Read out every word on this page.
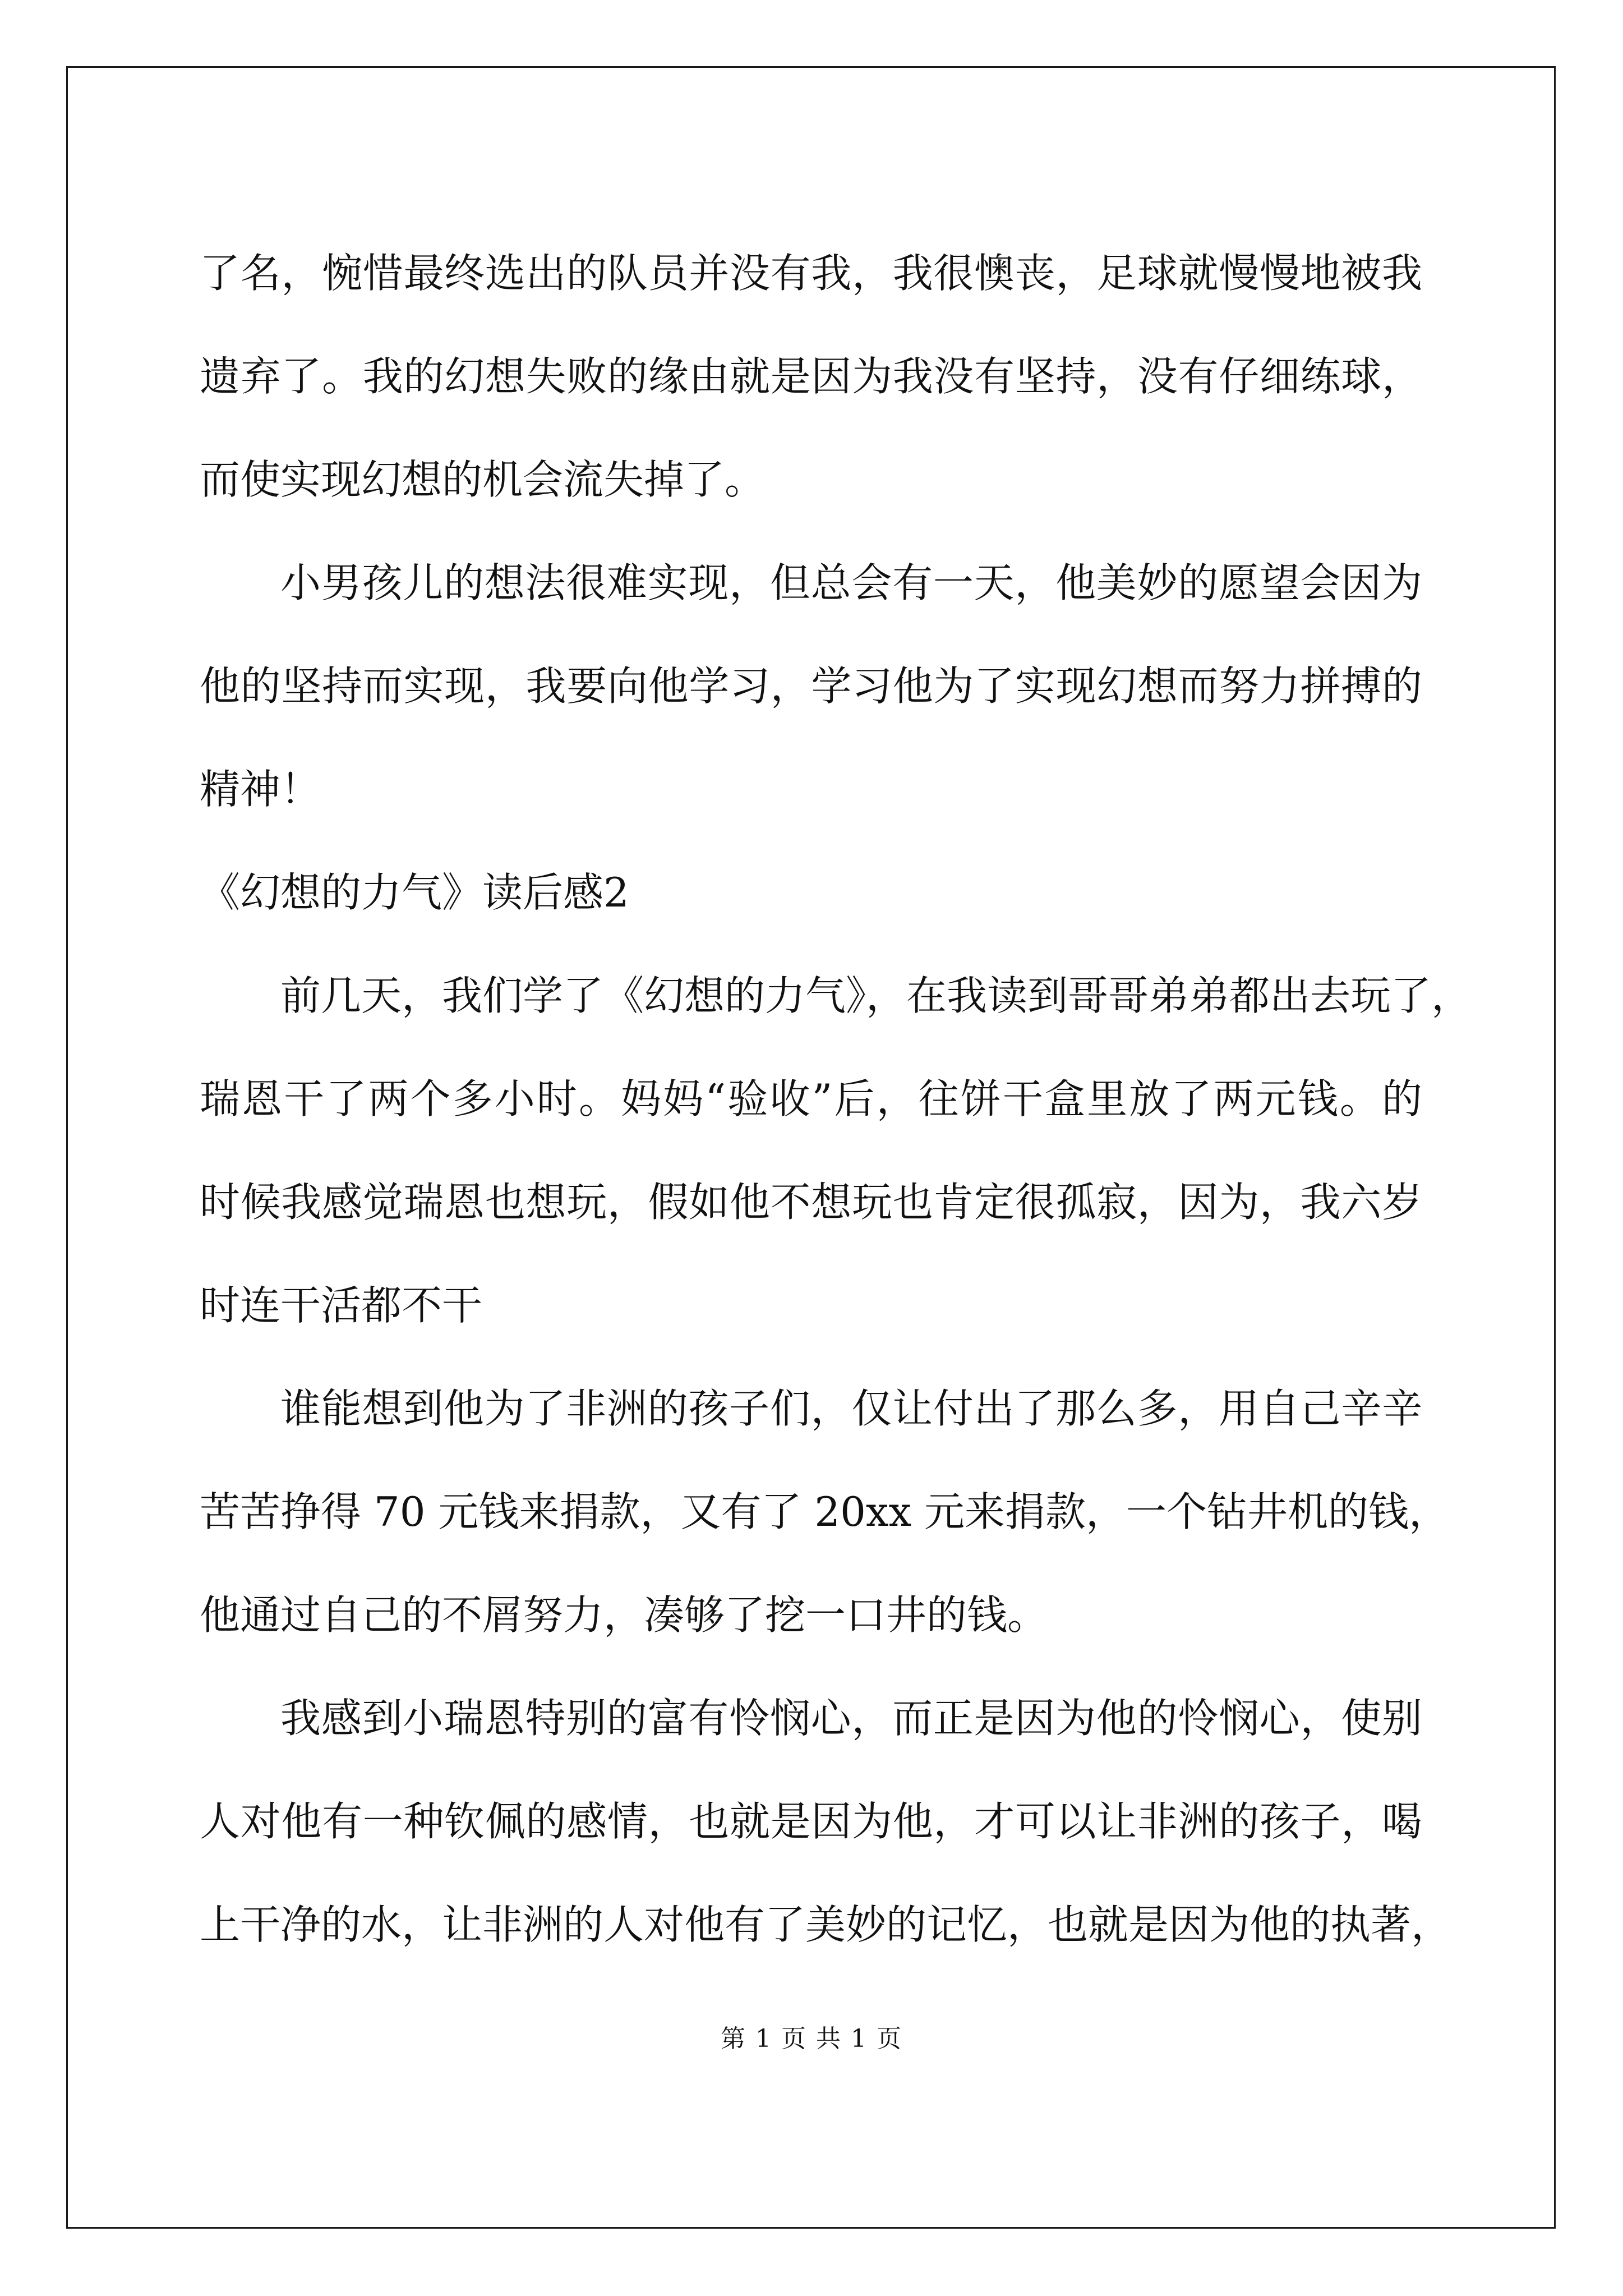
了名，惋惜最终选出的队员并没有我，我很懊丧，足球就慢慢地被我
遗弃了。我的幻想失败的缘由就是因为我没有坚持，没有仔细练球，
而使实现幻想的机会流失掉了。
小男孩儿的想法很难实现，但总会有一天，他美妙的愿望会因为
他的坚持而实现，我要向他学习，学习他为了实现幻想而努力拼搏的
精神！
《幻想的力气》读后感2
前几天，我们学了《幻想的力气》，在我读到哥哥弟弟都出去玩了，
瑞恩干了两个多小时。妈妈“验收”后，往饼干盒里放了两元钱。的
时候我感觉瑞恩也想玩，假如他不想玩也肯定很孤寂，因为，我六岁
时连干活都不干
谁能想到他为了非洲的孩子们，仅让付出了那么多，用自己辛辛
苦苦挣得 70 元钱来捐款，又有了 20xx 元来捐款，一个钻井机的钱，
他通过自己的不屑努力，凑够了挖一口井的钱。
我感到小瑞恩特别的富有怜悯心，而正是因为他的怜悯心，使别
人对他有一种钦佩的感情，也就是因为他，才可以让非洲的孩子，喝
上干净的水，让非洲的人对他有了美妙的记忆，也就是因为他的执著，
第 1 页 共 1 页
